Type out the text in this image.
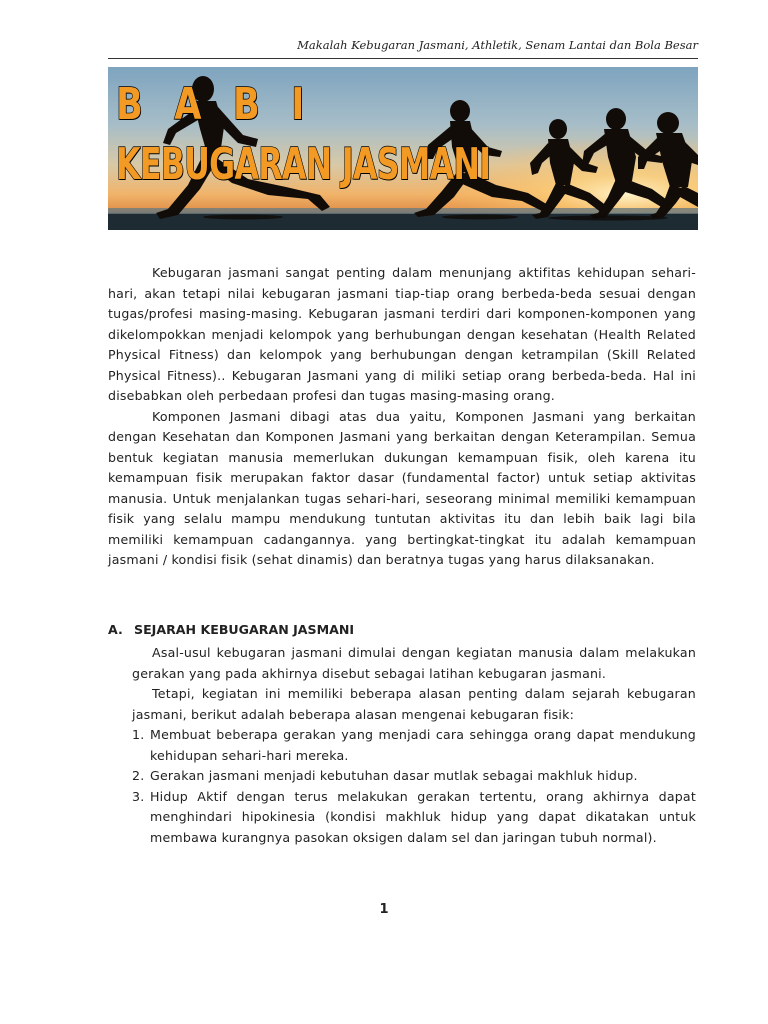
Makalah Kebugaran Jasmani, Athletik, Senam Lantai dan Bola Besar
B A B I
KEBUGARAN JASMANI

Kebugaran jasmani sangat penting dalam menunjang aktifitas kehidupan sehari-hari, akan tetapi nilai kebugaran jasmani tiap-tiap orang berbeda-beda sesuai dengan tugas/profesi masing-masing. Kebugaran jasmani terdiri dari komponen-komponen yang dikelompokkan menjadi kelompok yang berhubungan dengan kesehatan (Health Related Physical Fitness) dan kelompok yang berhubungan dengan ketrampilan (Skill Related Physical Fitness).. Kebugaran Jasmani yang di miliki setiap orang berbeda-beda. Hal ini disebabkan oleh perbedaan profesi dan tugas masing-masing orang.

Komponen Jasmani dibagi atas dua yaitu, Komponen Jasmani yang berkaitan dengan Kesehatan dan Komponen Jasmani yang berkaitan dengan Keterampilan. Semua bentuk kegiatan manusia memerlukan dukungan kemampuan fisik, oleh karena itu kemampuan fisik merupakan faktor dasar (fundamental factor) untuk setiap aktivitas manusia. Untuk menjalankan tugas sehari-hari, seseorang minimal memiliki kemampuan fisik yang selalu mampu mendukung tuntutan aktivitas itu dan lebih baik lagi bila memiliki kemampuan cadangannya. yang bertingkat-tingkat itu adalah kemampuan jasmani / kondisi fisik (sehat dinamis) dan beratnya tugas yang harus dilaksanakan.

A. SEJARAH KEBUGARAN JASMANI

Asal-usul kebugaran jasmani dimulai dengan kegiatan manusia dalam melakukan gerakan yang pada akhirnya disebut sebagai latihan kebugaran jasmani.

Tetapi, kegiatan ini memiliki beberapa alasan penting dalam sejarah kebugaran jasmani, berikut adalah beberapa alasan mengenai kebugaran fisik:

1. Membuat beberapa gerakan yang menjadi cara sehingga orang dapat mendukung kehidupan sehari-hari mereka.
2. Gerakan jasmani menjadi kebutuhan dasar mutlak sebagai makhluk hidup.
3. Hidup Aktif dengan terus melakukan gerakan tertentu, orang akhirnya dapat menghindari hipokinesia (kondisi makhluk hidup yang dapat dikatakan untuk membawa kurangnya pasokan oksigen dalam sel dan jaringan tubuh normal).
1
